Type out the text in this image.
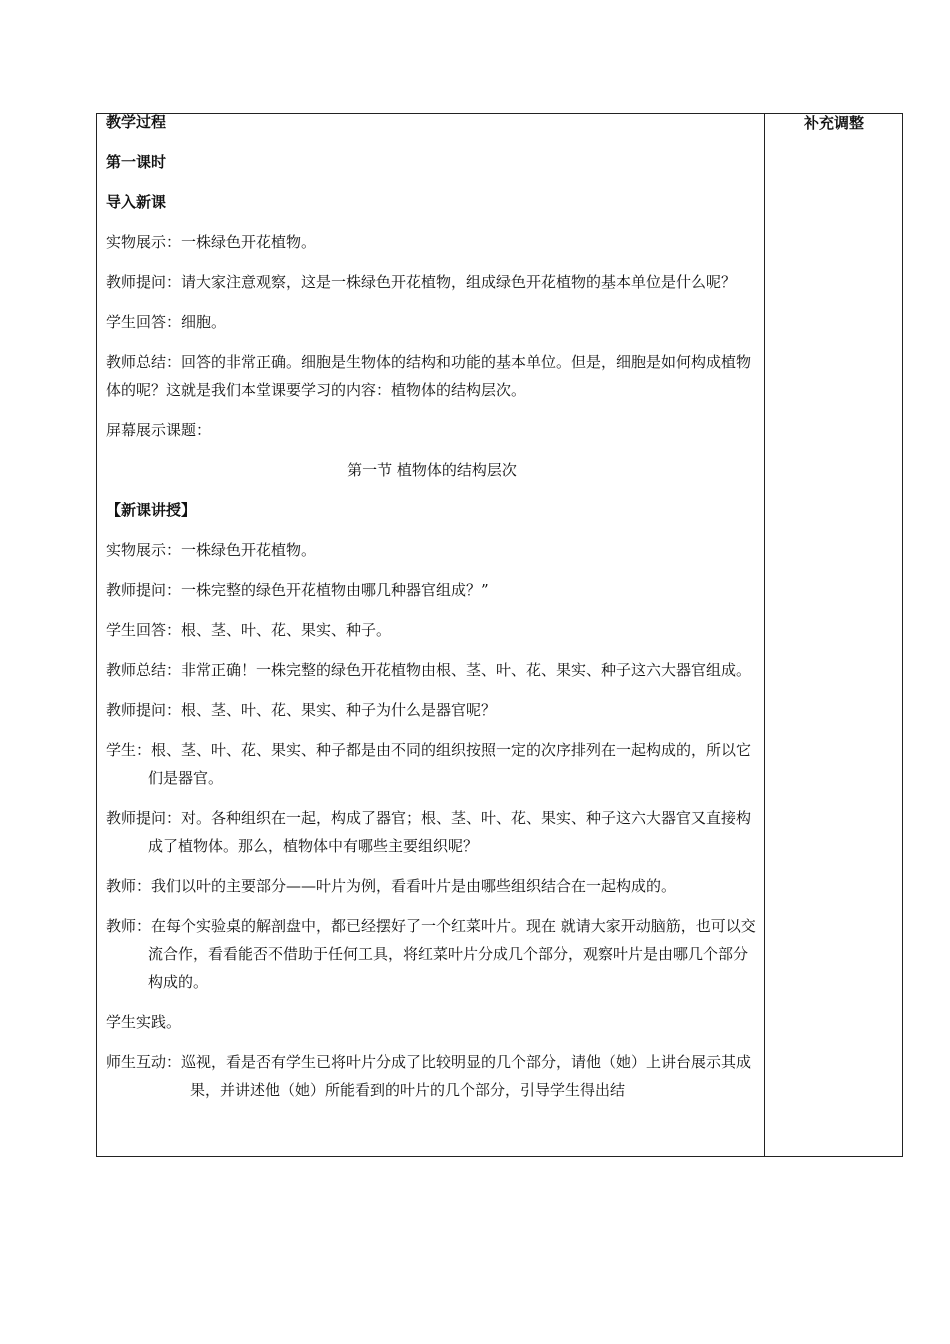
补充调整

教学过程

第一课时

导入新课

实物展示：一株绿色开花植物。

教师提问：请大家注意观察，这是一株绿色开花植物，组成绿色开花植物的基本单位是什么呢？

学生回答：细胞。

教师总结：回答的非常正确。细胞是生物体的结构和功能的基本单位。但是，细胞是如何构成植物体的呢？这就是我们本堂课要学习的内容：植物体的结构层次。

屏幕展示课题：

第一节 植物体的结构层次

【新课讲授】

实物展示：一株绿色开花植物。

教师提问：一株完整的绿色开花植物由哪几种器官组成？”

学生回答：根、茎、叶、花、果实、种子。

教师总结：非常正确！一株完整的绿色开花植物由根、茎、叶、花、果实、种子这六大器官组成。

教师提问：根、茎、叶、花、果实、种子为什么是器官呢？

学生：根、茎、叶、花、果实、种子都是由不同的组织按照一定的次序排列在一起构成的，所以它们是器官。

教师提问：对。各种组织在一起，构成了器官；根、茎、叶、花、果实、种子这六大器官又直接构成了植物体。那么，植物体中有哪些主要组织呢？

教师：我们以叶的主要部分——叶片为例，看看叶片是由哪些组织结合在一起构成的。

教师：在每个实验桌的解剖盘中，都已经摆好了一个红菜叶片。现在 就请大家开动脑筋，也可以交流合作，看看能否不借助于任何工具，将红菜叶片分成几个部分，观察叶片是由哪几个部分构成的。

学生实践。

师生互动：巡视，看是否有学生已将叶片分成了比较明显的几个部分，请他（她）上讲台展示其成果，并讲述他（她）所能看到的叶片的几个部分，引导学生得出结
